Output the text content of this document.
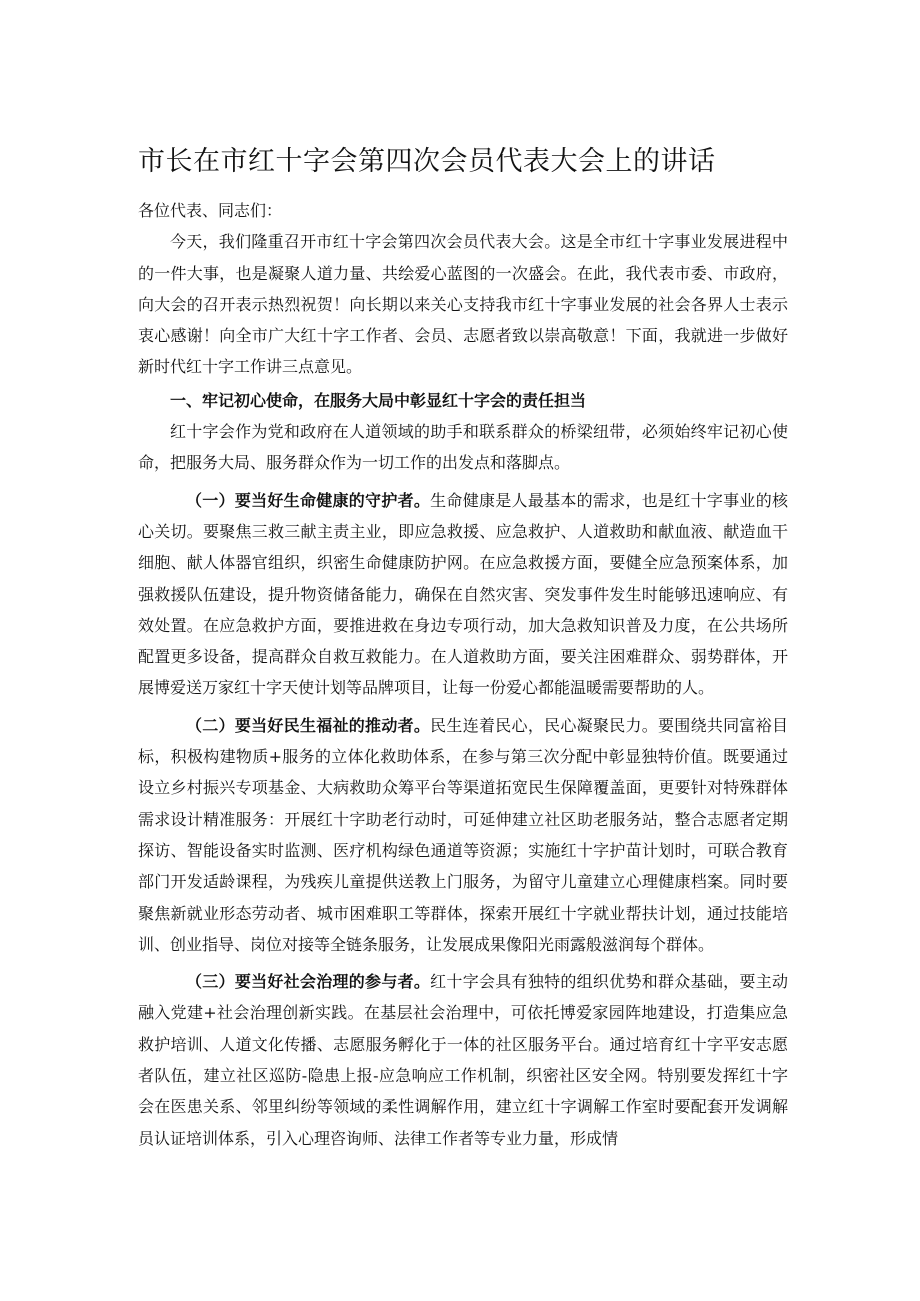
市长在市红十字会第四次会员代表大会上的讲话

各位代表、同志们：

今天，我们隆重召开市红十字会第四次会员代表大会。这是全市红十字事业发展进程中的一件大事，也是凝聚人道力量、共绘爱心蓝图的一次盛会。在此，我代表市委、市政府，向大会的召开表示热烈祝贺！向长期以来关心支持我市红十字事业发展的社会各界人士表示衷心感谢！向全市广大红十字工作者、会员、志愿者致以崇高敬意！下面，我就进一步做好新时代红十字工作讲三点意见。

一、牢记初心使命，在服务大局中彰显红十字会的责任担当

红十字会作为党和政府在人道领域的助手和联系群众的桥梁纽带，必须始终牢记初心使命，把服务大局、服务群众作为一切工作的出发点和落脚点。

（一）要当好生命健康的守护者。生命健康是人最基本的需求，也是红十字事业的核心关切。要聚焦三救三献主责主业，即应急救援、应急救护、人道救助和献血液、献造血干细胞、献人体器官组织，织密生命健康防护网。在应急救援方面，要健全应急预案体系，加强救援队伍建设，提升物资储备能力，确保在自然灾害、突发事件发生时能够迅速响应、有效处置。在应急救护方面，要推进救在身边专项行动，加大急救知识普及力度，在公共场所配置更多设备，提高群众自救互救能力。在人道救助方面，要关注困难群众、弱势群体，开展博爱送万家红十字天使计划等品牌项目，让每一份爱心都能温暖需要帮助的人。

（二）要当好民生福祉的推动者。民生连着民心，民心凝聚民力。要围绕共同富裕目标，积极构建物质+服务的立体化救助体系，在参与第三次分配中彰显独特价值。既要通过设立乡村振兴专项基金、大病救助众筹平台等渠道拓宽民生保障覆盖面，更要针对特殊群体需求设计精准服务：开展红十字助老行动时，可延伸建立社区助老服务站，整合志愿者定期探访、智能设备实时监测、医疗机构绿色通道等资源；实施红十字护苗计划时，可联合教育部门开发适龄课程，为残疾儿童提供送教上门服务，为留守儿童建立心理健康档案。同时要聚焦新就业形态劳动者、城市困难职工等群体，探索开展红十字就业帮扶计划，通过技能培训、创业指导、岗位对接等全链条服务，让发展成果像阳光雨露般滋润每个群体。

（三）要当好社会治理的参与者。红十字会具有独特的组织优势和群众基础，要主动融入党建+社会治理创新实践。在基层社会治理中，可依托博爱家园阵地建设，打造集应急救护培训、人道文化传播、志愿服务孵化于一体的社区服务平台。通过培育红十字平安志愿者队伍，建立社区巡防-隐患上报-应急响应工作机制，织密社区安全网。特别要发挥红十字会在医患关系、邻里纠纷等领域的柔性调解作用，建立红十字调解工作室时要配套开发调解员认证培训体系，引入心理咨询师、法律工作者等专业力量，形成情
